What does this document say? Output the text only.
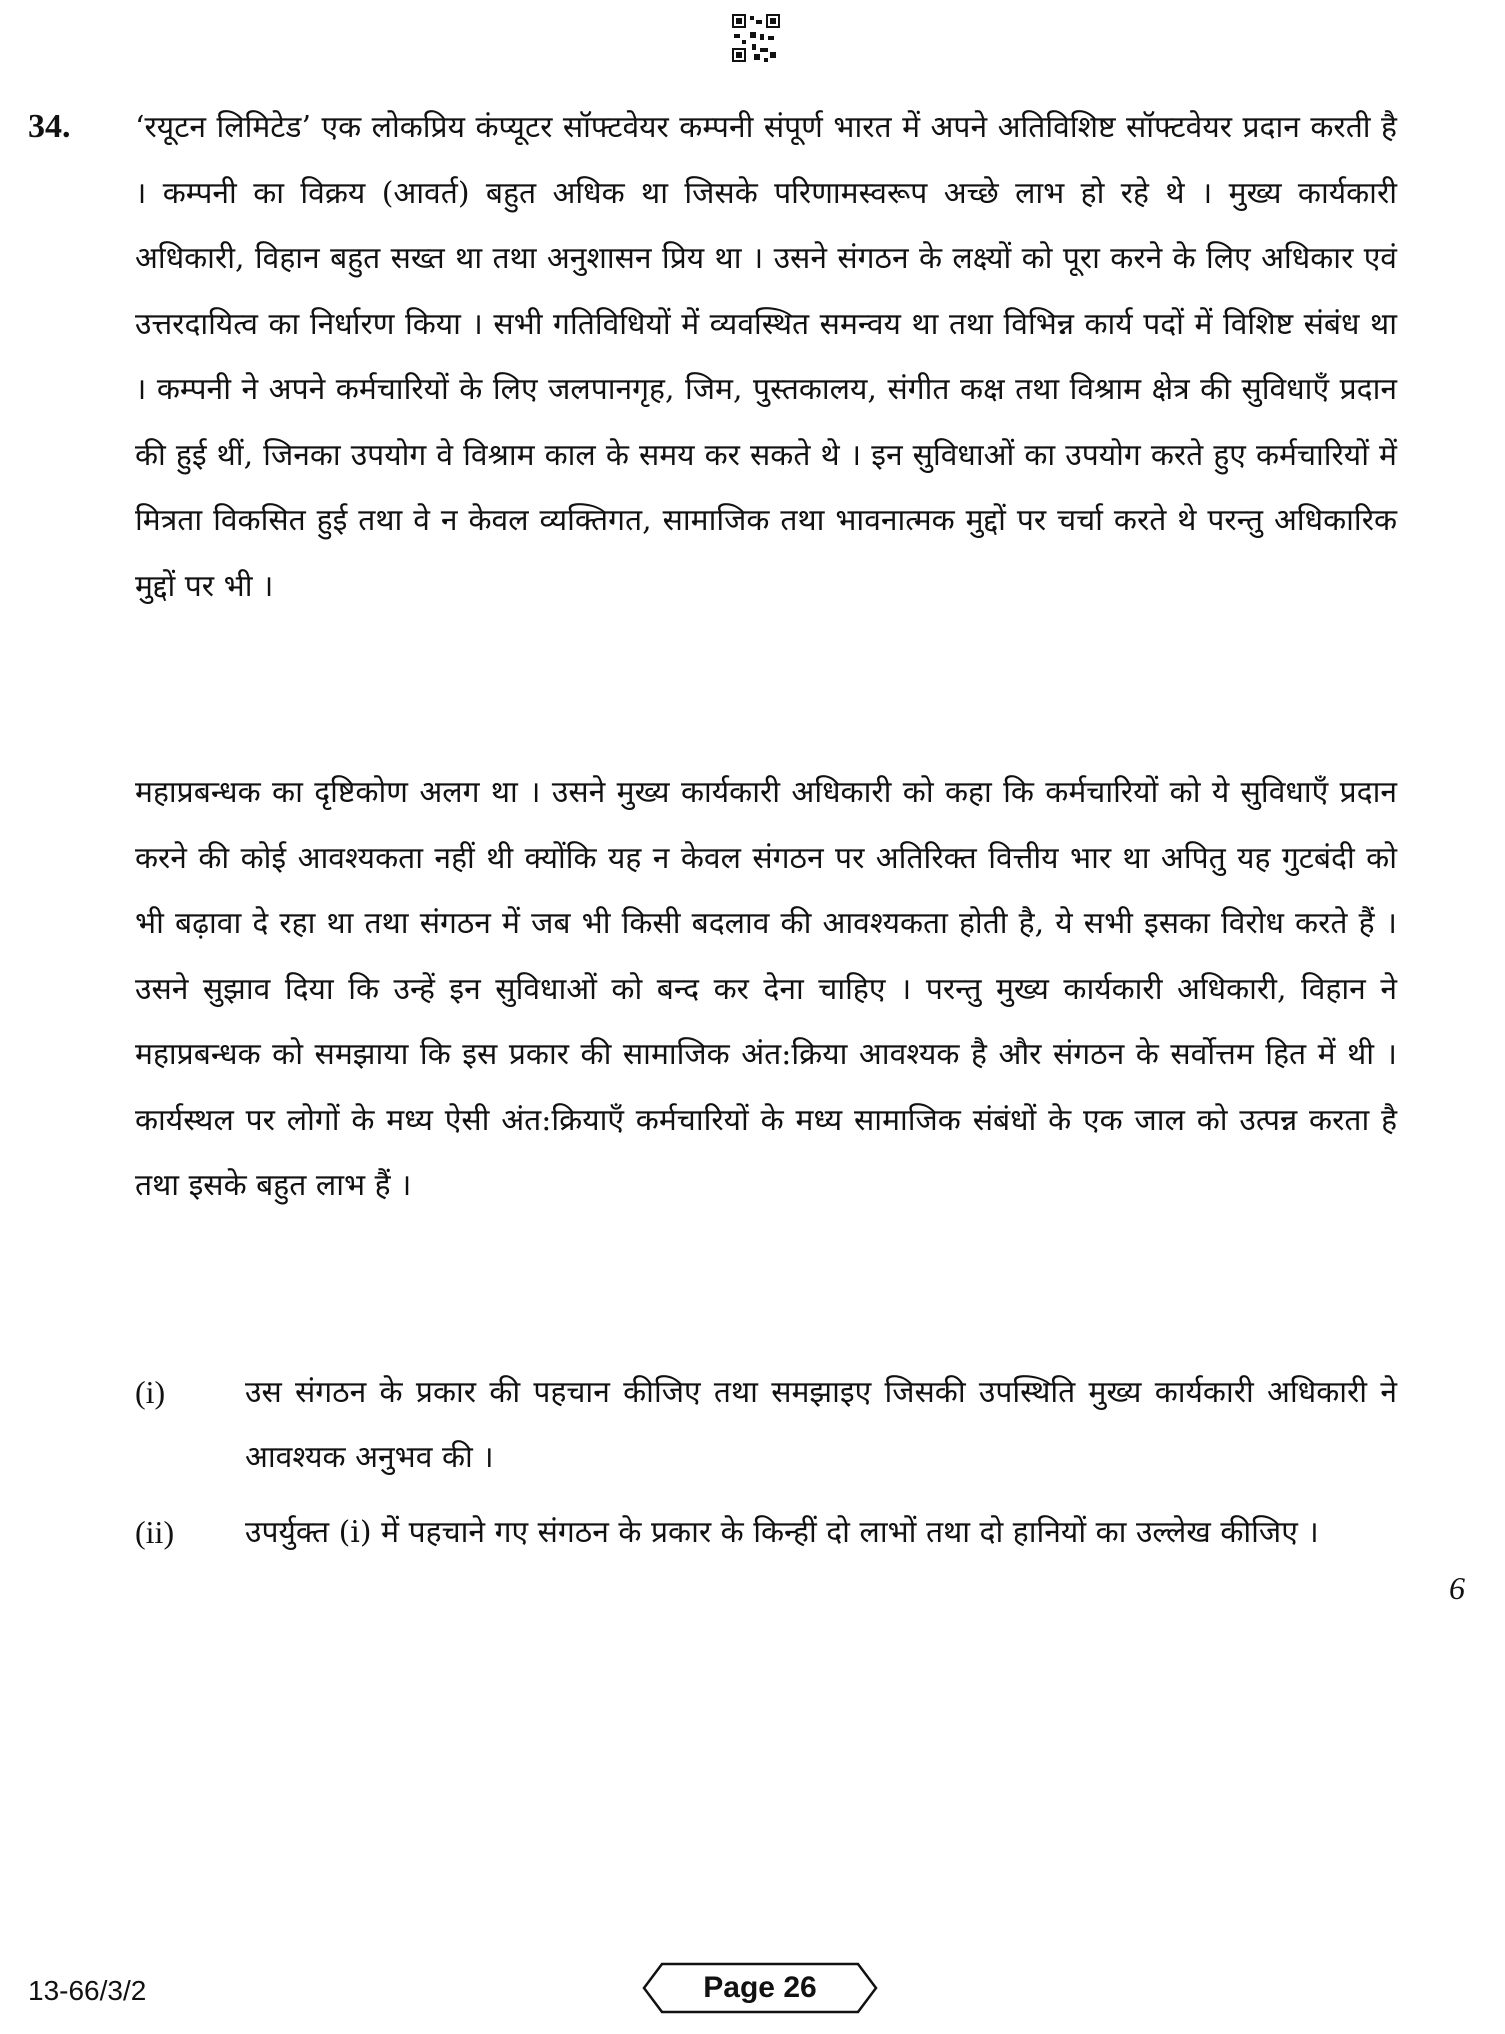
34. ‘रयूटन लिमिटेड’ एक लोकप्रिय कंप्यूटर सॉफ्टवेयर कम्पनी संपूर्ण भारत में अपने अतिविशिष्ट सॉफ्टवेयर प्रदान करती है । कम्पनी का विक्रय (आवर्त) बहुत अधिक था जिसके परिणामस्वरूप अच्छे लाभ हो रहे थे । मुख्य कार्यकारी अधिकारी, विहान बहुत सख्त था तथा अनुशासन प्रिय था । उसने संगठन के लक्ष्यों को पूरा करने के लिए अधिकार एवं उत्तरदायित्व का निर्धारण किया । सभी गतिविधियों में व्यवस्थित समन्वय था तथा विभिन्न कार्य पदों में विशिष्ट संबंध था । कम्पनी ने अपने कर्मचारियों के लिए जलपानगृह, जिम, पुस्तकालय, संगीत कक्ष तथा विश्राम क्षेत्र की सुविधाएँ प्रदान की हुई थीं, जिनका उपयोग वे विश्राम काल के समय कर सकते थे । इन सुविधाओं का उपयोग करते हुए कर्मचारियों में मित्रता विकसित हुई तथा वे न केवल व्यक्तिगत, सामाजिक तथा भावनात्मक मुद्दों पर चर्चा करते थे परन्तु अधिकारिक मुद्दों पर भी ।
महाप्रबन्धक का दृष्टिकोण अलग था । उसने मुख्य कार्यकारी अधिकारी को कहा कि कर्मचारियों को ये सुविधाएँ प्रदान करने की कोई आवश्यकता नहीं थी क्योंकि यह न केवल संगठन पर अतिरिक्त वित्तीय भार था अपितु यह गुटबंदी को भी बढ़ावा दे रहा था तथा संगठन में जब भी किसी बदलाव की आवश्यकता होती है, ये सभी इसका विरोध करते हैं । उसने सुझाव दिया कि उन्हें इन सुविधाओं को बन्द कर देना चाहिए । परन्तु मुख्य कार्यकारी अधिकारी, विहान ने महाप्रबन्धक को समझाया कि इस प्रकार की सामाजिक अंत:क्रिया आवश्यक है और संगठन के सर्वोत्तम हित में थी । कार्यस्थल पर लोगों के मध्य ऐसी अंत:क्रियाएँ कर्मचारियों के मध्य सामाजिक संबंधों के एक जाल को उत्पन्न करता है तथा इसके बहुत लाभ हैं ।
(i)	उस संगठन के प्रकार की पहचान कीजिए तथा समझाइए जिसकी उपस्थिति मुख्य कार्यकारी अधिकारी ने आवश्यक अनुभव की ।
(ii) उपर्युक्त (i) में पहचाने गए संगठन के प्रकार के किन्हीं दो लाभों तथा दो हानियों का उल्लेख कीजिए ।
6
13-66/3/2	Page 26
